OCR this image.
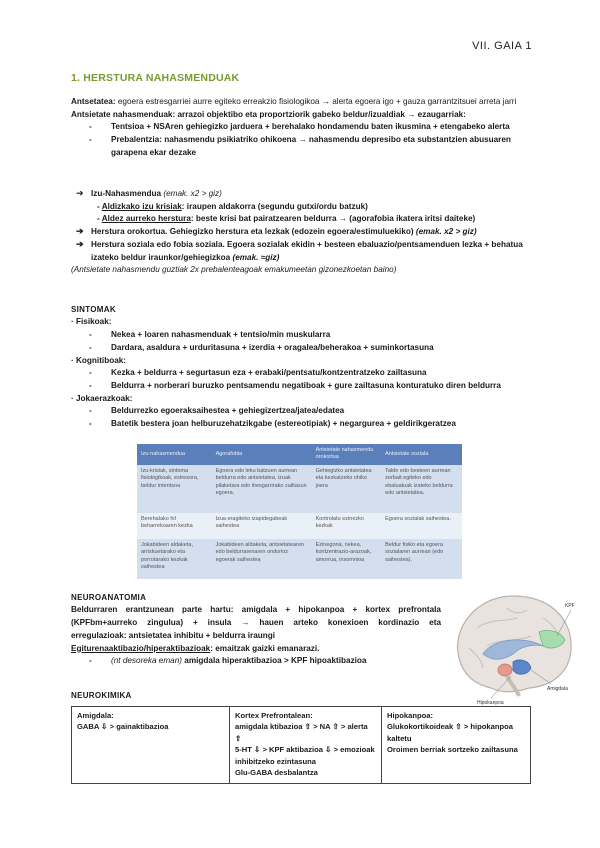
VII. GAIA 1
1. HERSTURA NAHASMENDUAK
Antsetatea: egoera estresgarriei aurre egiteko erreakzio fisiologikoa → alerta egoera igo + gauza garrantzitsuei arreta jarri
Antsietate nahasmenduak: arrazoi objektibo eta proportziorik gabeko beldur/izualdiak → ezaugarriak:
- Tentsioa + NSAren gehiegizko jarduera + berehalako hondamendu baten ikusmina + etengabeko alerta
- Prebalentzia: nahasmendu psikiatriko ohikoena → nahasmendu depresibo eta substantzien abusuaren garapena ekar dezake
➔ Izu-Nahasmendua (emak. x2 > giz)
- Aldizkako izu krisiak: iraupen aldakorra (segundu gutxi/ordu batzuk)
- Aldez aurreko herstura: beste krisi bat pairatzearen beldurra → (agorafobia ikatera iritsi daiteke)
➔ Herstura orokortua. Gehiegizko herstura eta lezkak (edozein egoera/estimuluekiko) (emak. x2 > giz)
➔ Herstura soziala edo fobia soziala. Egoera sozialak ekidin + besteen ebaluazio/pentsamenduen lezka + behatua izateko beldur iraunkor/gehiegizkoa (emak. ≈giz)
(Antsietate nahasmendu guztiak 2x prebalenteagoak emakumeetan gizonezkoetan baino)
SINTOMAK
· Fisikoak:
- Nekea + loaren nahasmenduak + tentsio/min muskularra
- Dardara, asaldura + urduritasuna + izerdia + oragalea/beherakoa + suminkortasuna
· Kognitiboak:
- Kezka + beldurra + segurtasun eza + erabaki/pentsatu/kontzentratzeko zailtasuna
- Beldurra + norberari buruzko pentsamendu negatiboak + gure zailtasuna konturatuko diren beldurra
· Jokaerazkoak:
- Beldurrezko egoeraksaihestea + gehiegizertzea/jatea/edatea
- Batetik bestera joan helburuzehatzikgabe (estereotipiak) + negargurea + geldirikgeratzea
Izu-nahasmendua	Agorafobia	Antsietate nahasmendu orokortua	Antsietate soziala
Izu-krisiak, sintoma fisiologikoak, estresora, beldur intentsoa	Egoera edo leku batzuen aurrean beldurra edo antsietatea, izuak pilaketara edo ihesgarrirako zailtasun egoera.	Gehiegizko antsietatea eta kezkatzeko ohiko joera	Talde edo besteen aurrean zerbait egiteko edo ebaluatuak izateko beldurra edo antsietatea.
Berehalako hil beharrekoaren kezka	Izua eragiteko izapidegabeak saihestea	Kontrolatu ezinezko kezkak	Egoera sozialak saihestea.
Jokabideen aldaketa, arriskuetarako eta porrotarako kezkak saihestea	Jokabideen aldaketa, antsietatearen edo beldurrarenaren ondorioz egoerak saihestea	Ezinegona, nekea, kontzentrazio-arazoak, amorrua, insomnioa	Beldur fisiko eta egoera sozialaren aurrean (edo saihestea).
NEUROANATOMIA
Beldurraren erantzunean parte hartu: amigdala + hipokanpoa + kortex prefrontala
(KPFbm+aurreko zingulua) + insula → hauen arteko konexioen kordinazio eta
erregulazioak: antsietatea inhibitu + beldurra iraungi
Egiturenaaktibazio/hiperaktibazioak: emaitzak gaizki emanarazi.
- (nt desoreka eman) amigdala hiperaktibazioa > KPF hipoaktibazioa
KPF
Hipokanpoa
Amigdala
NEUROKIMIKA
Amigdala:
GABA ⇩ > gainaktibazioa

Kortex Prefrontalean:
amigdala ktibazioa ⇧ > NA ⇧ > alerta ⇧
5-HT ⇩ > KPF aktibazioa ⇩ > emozioak inhibitzeko ezintasuna
Glu-GABA desbalantza

Hipokanpoa:
Glukokortikoideak ⇧ > hipokanpoa kaltetu
Oroimen berriak sortzeko zailtasuna
